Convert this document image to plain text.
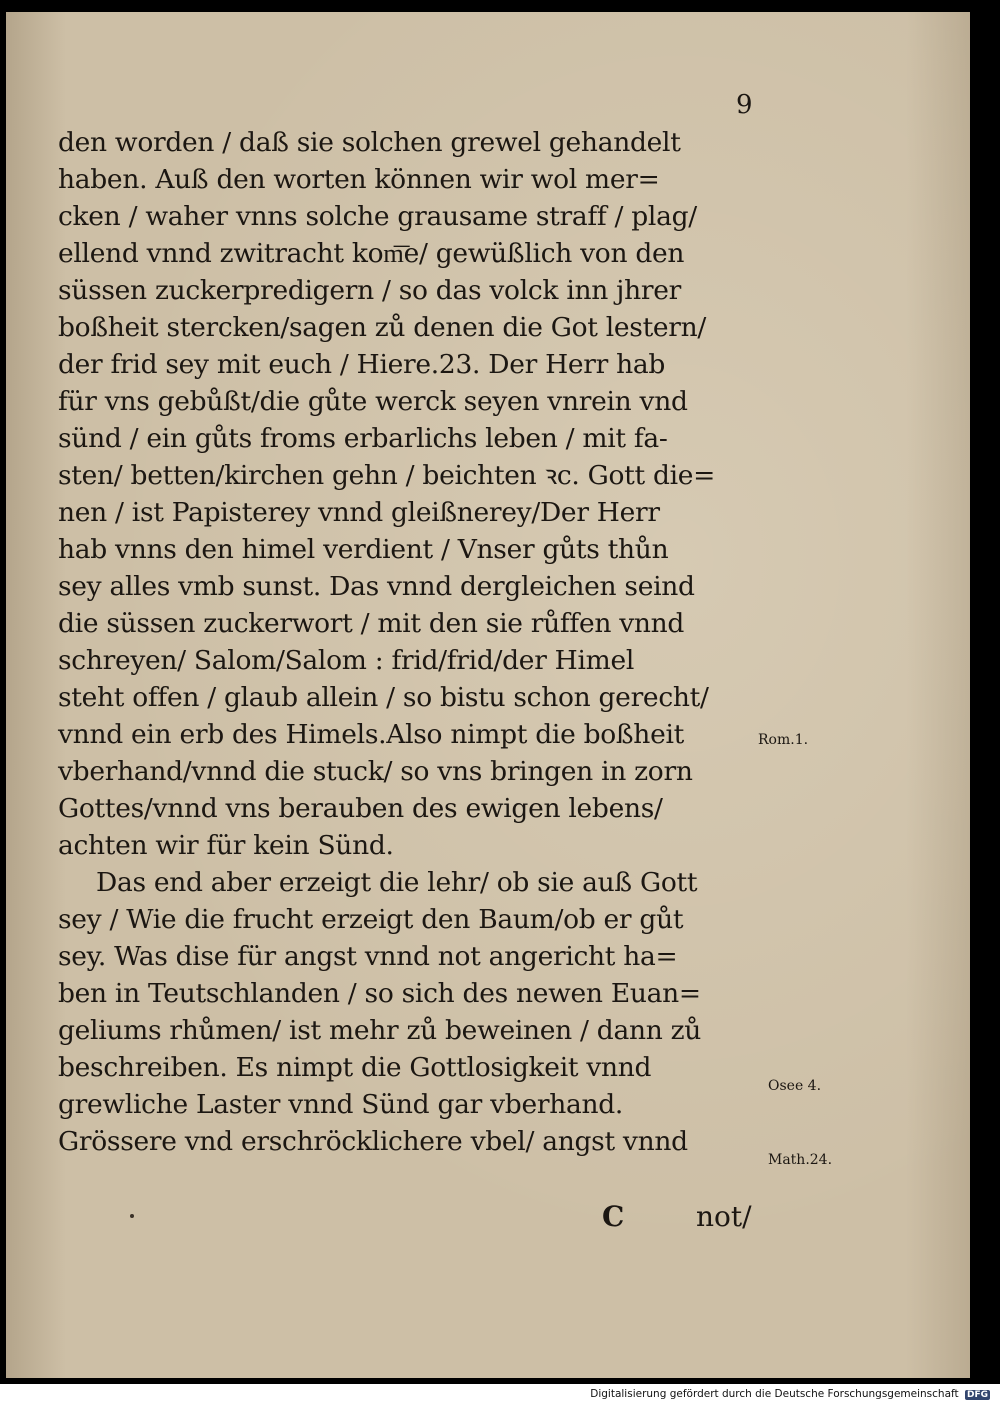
9
den worden / daß sie solchen grewel gehandelt
haben. Auß den worten können wir wol mer=
cken / waher vnns solche grausame straff / plag/
ellend vnnd zwitracht kom͞e/ gewüßlich von den
süssen zuckerpredigern / so das volck inn jhrer
boßheit stercken/sagen zů denen die Got lestern/
der frid sey mit euch / Hiere.23. Der Herr hab
für vns gebůßt/die gůte werck seyen vnrein vnd
sünd / ein gůts froms erbarlichs leben / mit fa-
sten/ betten/kirchen gehn / beichten ꝛc. Gott die=
nen / ist Papisterey vnnd gleißnerey/Der Herr
hab vnns den himel verdient / Vnser gůts thůn
sey alles vmb sunst. Das vnnd dergleichen seind
die süssen zuckerwort / mit den sie růffen vnnd
schreyen/ Salom/Salom : frid/frid/der Himel
steht offen / glaub allein / so bistu schon gerecht/
vnnd ein erb des Himels.Also nimpt die boßheit
vberhand/vnnd die stuck/ so vns bringen in zorn
Gottes/vnnd vns berauben des ewigen lebens/
achten wir für kein Sünd.
Das end aber erzeigt die lehr/ ob sie auß Gott
sey / Wie die frucht erzeigt den Baum/ob er gůt
sey. Was dise für angst vnnd not angericht ha=
ben in Teutschlanden / so sich des newen Euan=
geliums rhůmen/ ist mehr zů beweinen / dann zů
beschreiben. Es nimpt die Gottlosigkeit vnnd
grewliche Laster vnnd Sünd gar vberhand.
Grössere vnd erschröcklichere vbel/ angst vnnd
Rom.1.
Osee 4.
Math.24.
C	not/
Digitalisierung gefördert durch die Deutsche Forschungsgemeinschaft DFG
